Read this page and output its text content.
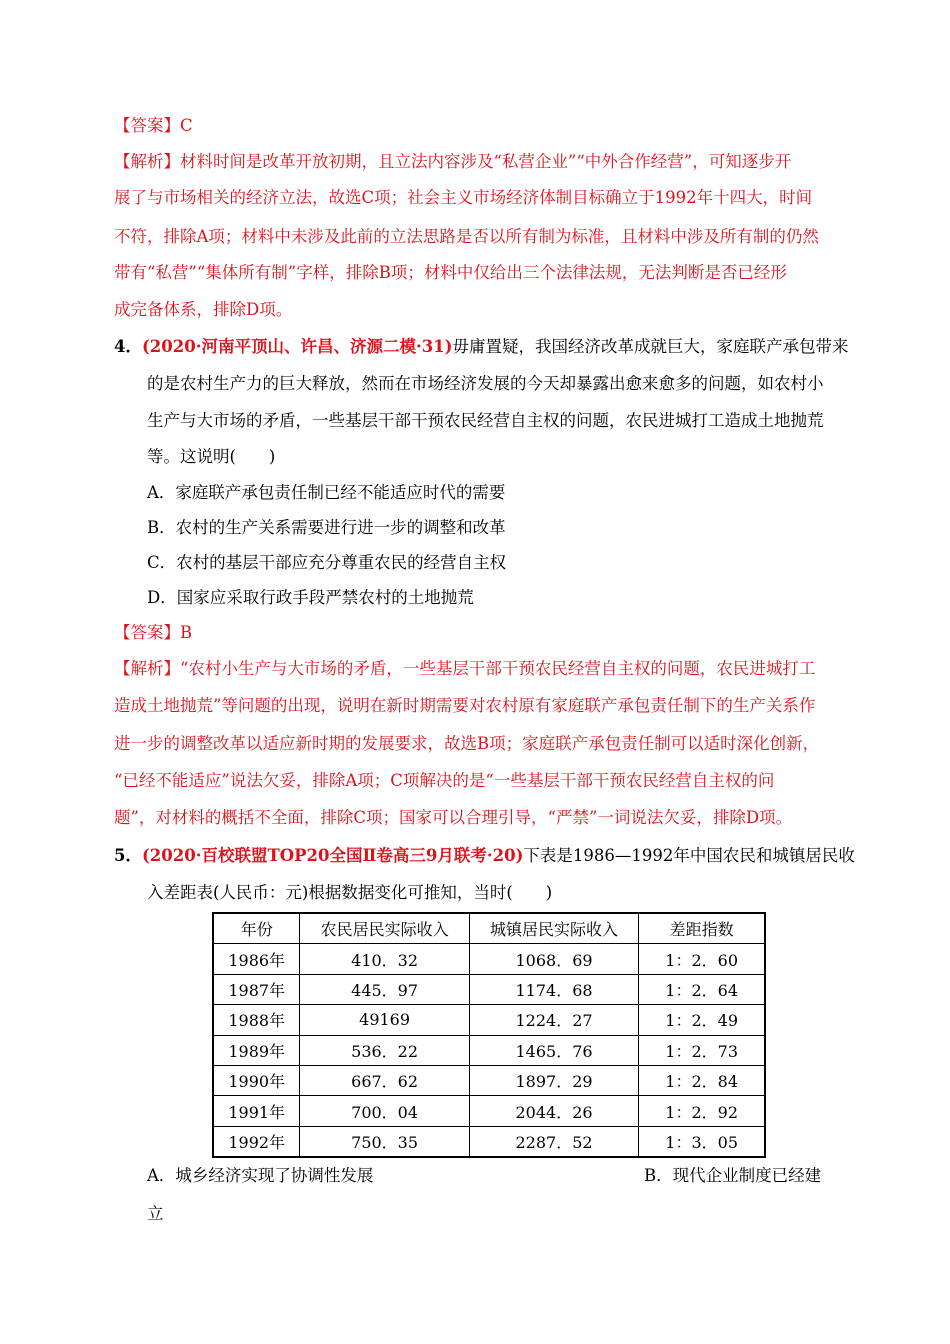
【答案】C
【解析】材料时间是改革开放初期，且立法内容涉及“私营企业”“中外合作经营”，可知逐步开
展了与市场相关的经济立法，故选C项；社会主义市场经济体制目标确立于1992年十四大，时间
不符，排除A项；材料中未涉及此前的立法思路是否以所有制为标准，且材料中涉及所有制的仍然
带有“私营”“集体所有制”字样，排除B项；材料中仅给出三个法律法规，无法判断是否已经形
成完备体系，排除D项。
4．(2020·河南平顶山、许昌、济源二模·31)毋庸置疑，我国经济改革成就巨大，家庭联产承包带来
的是农村生产力的巨大释放，然而在市场经济发展的今天却暴露出愈来愈多的问题，如农村小
生产与大市场的矛盾，一些基层干部干预农民经营自主权的问题，农民进城打工造成土地抛荒
等。这说明(　　)
A．家庭联产承包责任制已经不能适应时代的需要
B．农村的生产关系需要进行进一步的调整和改革
C．农村的基层干部应充分尊重农民的经营自主权
D．国家应采取行政手段严禁农村的土地抛荒
【答案】B
【解析】“农村小生产与大市场的矛盾，一些基层干部干预农民经营自主权的问题，农民进城打工
造成土地抛荒”等问题的出现，说明在新时期需要对农村原有家庭联产承包责任制下的生产关系作
进一步的调整改革以适应新时期的发展要求，故选B项；家庭联产承包责任制可以适时深化创新，
“已经不能适应”说法欠妥，排除A项；C项解决的是“一些基层干部干预农民经营自主权的问
题”，对材料的概括不全面，排除C项；国家可以合理引导，“严禁”一词说法欠妥，排除D项。
5．(2020·百校联盟TOP20全国Ⅱ卷高三9月联考·20)下表是1986—1992年中国农民和城镇居民收
入差距表(人民币：元)根据数据变化可推知，当时(　　)
年份	农民居民实际收入	城镇居民实际收入	差距指数
1986年	410．32	1068．69	1：2．60
1987年	445．97	1174．68	1：2．64
1988年	49169	1224．27	1：2．49
1989年	536．22	1465．76	1：2．73
1990年	667．62	1897．29	1：2．84
1991年	700．04	2044．26	1：2．92
1992年	750．35	2287．52	1：3．05
A．城乡经济实现了协调性发展	B．现代企业制度已经建
立
